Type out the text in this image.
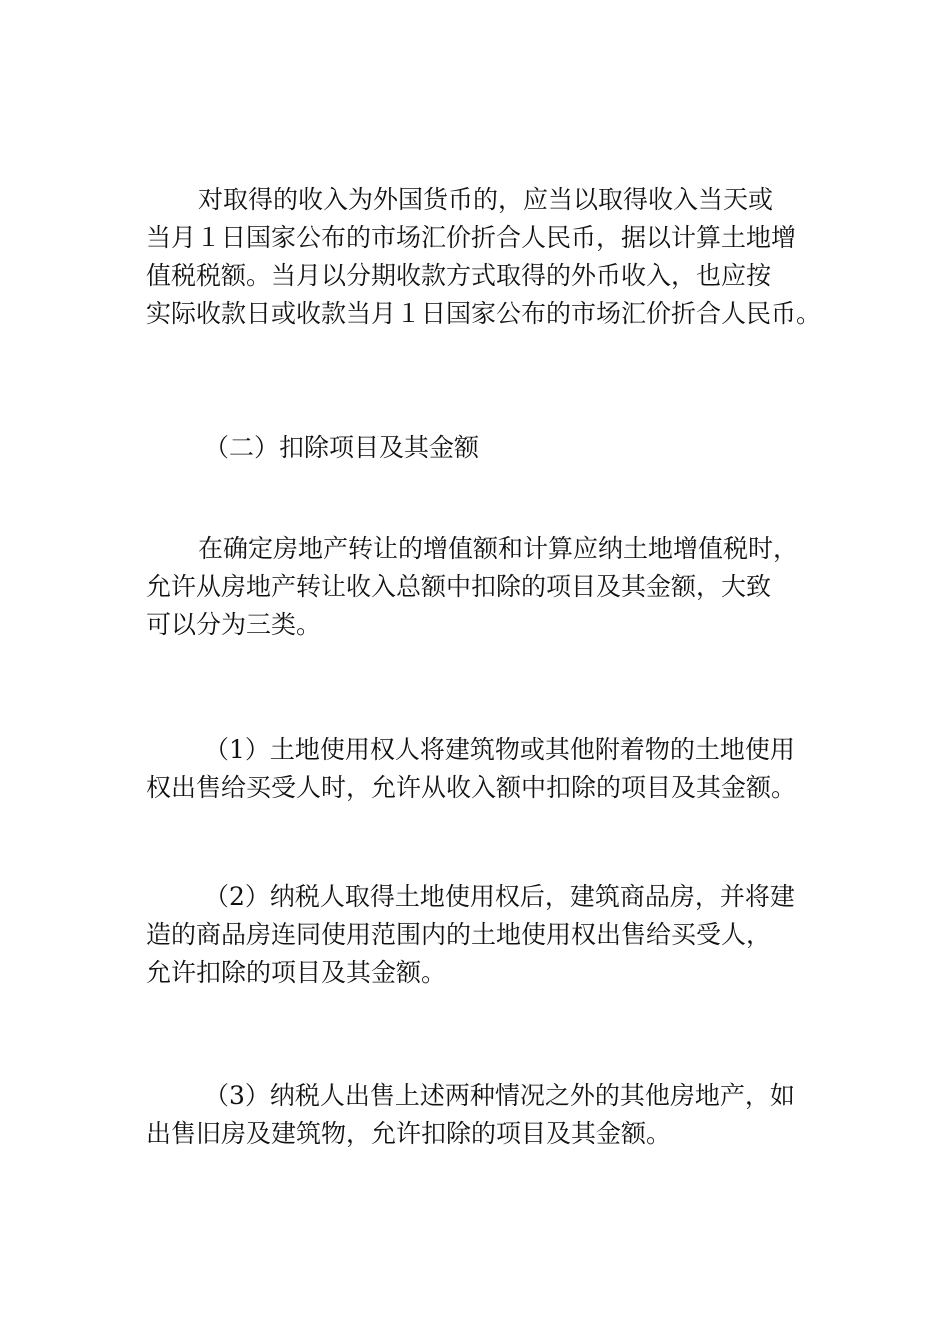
对取得的收入为外国货币的，应当以取得收入当天或
当月１日国家公布的市场汇价折合人民币，据以计算土地增
值税税额。当月以分期收款方式取得的外币收入，也应按
实际收款日或收款当月１日国家公布的市场汇价折合人民币。
（二）扣除项目及其金额
在确定房地产转让的增值额和计算应纳土地增值税时，
允许从房地产转让收入总额中扣除的项目及其金额，大致
可以分为三类。
（1）土地使用权人将建筑物或其他附着物的土地使用
权出售给买受人时，允许从收入额中扣除的项目及其金额。
（2）纳税人取得土地使用权后，建筑商品房，并将建
造的商品房连同使用范围内的土地使用权出售给买受人，
允许扣除的项目及其金额。
（3）纳税人出售上述两种情况之外的其他房地产，如
出售旧房及建筑物，允许扣除的项目及其金额。
